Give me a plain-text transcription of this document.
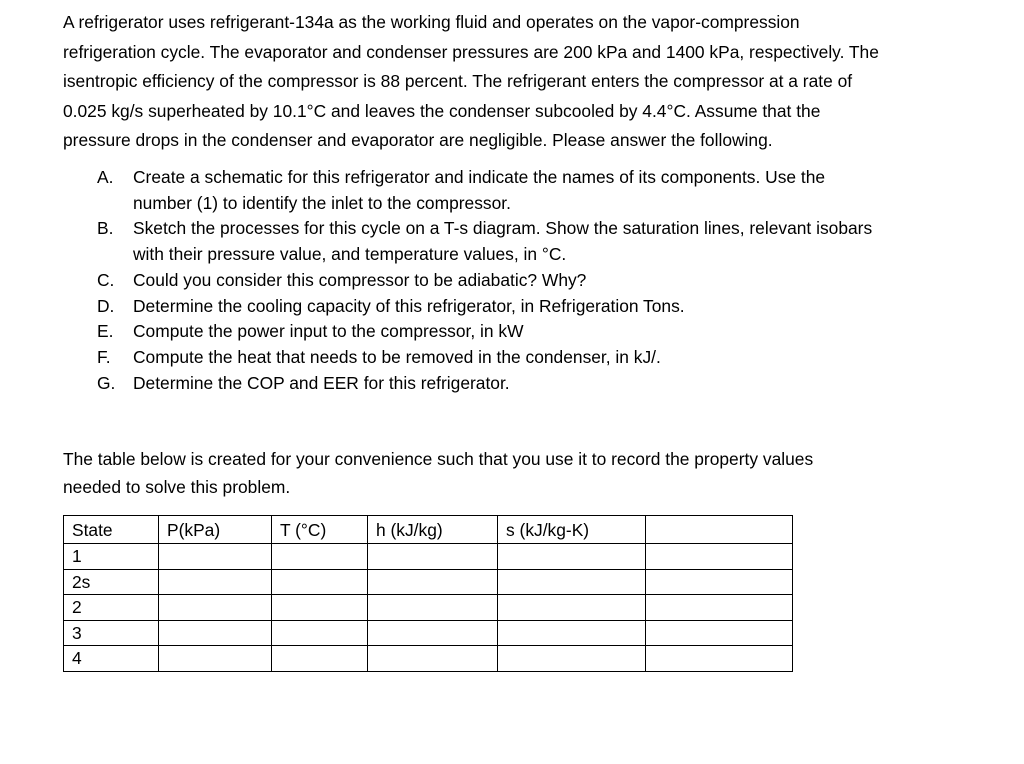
A refrigerator uses refrigerant-134a as the working fluid and operates on the vapor-compression
refrigeration cycle. The evaporator and condenser pressures are 200 kPa and 1400 kPa, respectively. The
isentropic efficiency of the compressor is 88 percent. The refrigerant enters the compressor at a rate of
0.025 kg/s superheated by 10.1°C and leaves the condenser subcooled by 4.4°C. Assume that the
pressure drops in the condenser and evaporator are negligible. Please answer the following.
A. Create a schematic for this refrigerator and indicate the names of its components. Use the
number (1) to identify the inlet to the compressor.
B. Sketch the processes for this cycle on a T-s diagram. Show the saturation lines, relevant isobars
with their pressure value, and temperature values, in °C.
C. Could you consider this compressor to be adiabatic? Why?
D. Determine the cooling capacity of this refrigerator, in Refrigeration Tons.
E. Compute the power input to the compressor, in kW
F. Compute the heat that needs to be removed in the condenser, in kJ/.
G. Determine the COP and EER for this refrigerator.
The table below is created for your convenience such that you use it to record the property values
needed to solve this problem.
State	P(kPa)	T (°C)	h (kJ/kg)	s (kJ/kg-K)	
1					
2s					
2					
3					
4					
